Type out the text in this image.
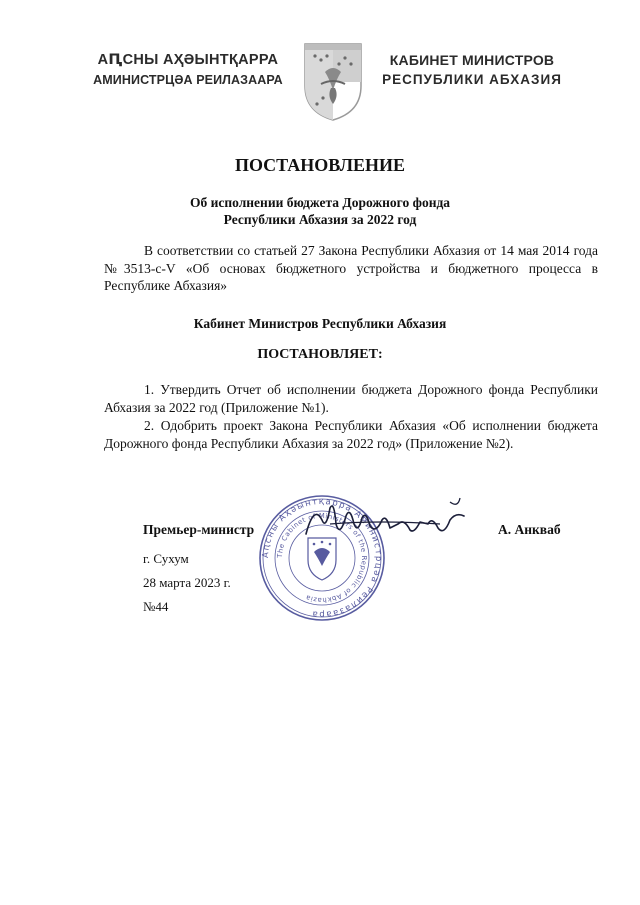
АԤСНЫ АҲӘЫНТҚАРРА
АМИНИСТРЦӘА РЕИЛАЗААРА
КАБИНЕТ МИНИСТРОВ
РЕСПУБЛИКИ АБХАЗИЯ
ПОСТАНОВЛЕНИЕ
Об исполнении бюджета Дорожного фонда
Республики Абхазия за 2022 год
В соответствии со статьей 27 Закона Республики Абхазия от 14 мая 2014 года №3513-с-V «Об основах бюджетного устройства и бюджетного процесса в Республике Абхазия»
Кабинет Министров Республики Абхазия
ПОСТАНОВЛЯЕТ:
1. Утвердить Отчет об исполнении бюджета Дорожного фонда Республики Абхазия за 2022 год (Приложение №1).
2. Одобрить проект Закона Республики Абхазия «Об исполнении бюджета Дорожного фонда Республики Абхазия за 2022 год» (Приложение №2).
Аԥсны Аҳәынтқарра Аминистрцәа Реилазаара
The Cabinet of Ministers of the Republic of Abkhazia
Премьер-министр	А. Анкваб
г. Сухум
28 марта 2023 г.
№44
